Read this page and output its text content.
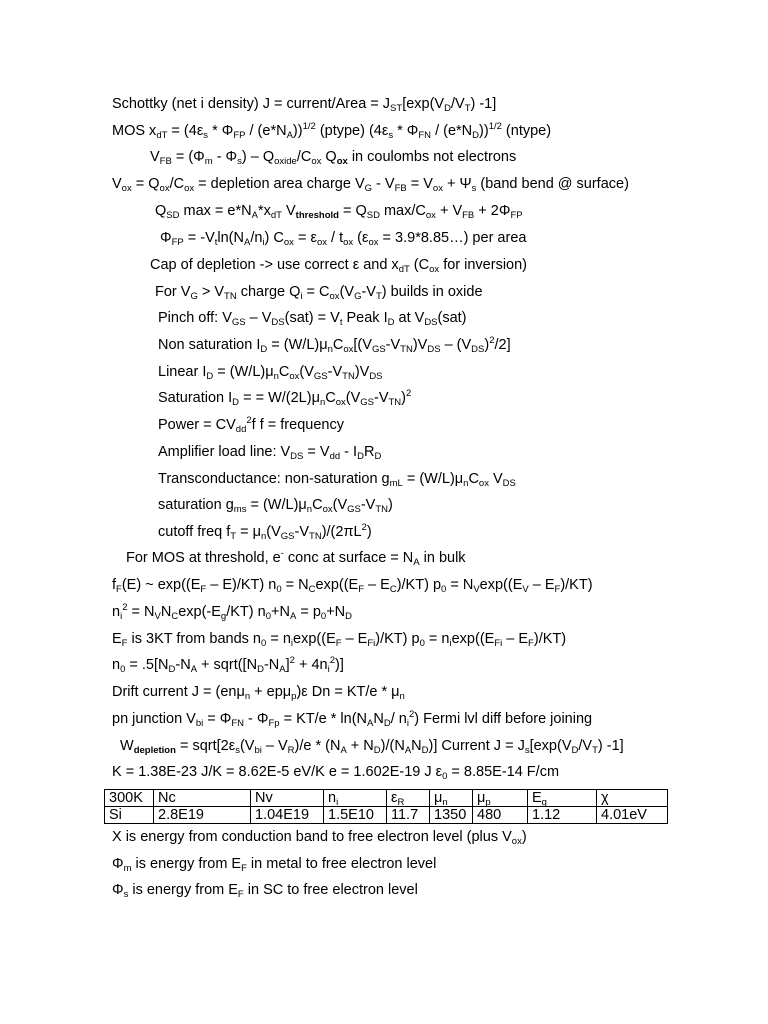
Schottky (net i density) J = current/Area = $J_{ST}[\exp(V_D/V_T)$ -1]
MOS $x_{dT} = (4\varepsilon_s * \Phi_{FP} / (e*N_A))^{1/2}$ (ptype) $(4\varepsilon_s * \Phi_{FN} / (e*N_D))^{1/2}$ (ntype)
$V_{FB} = (\Phi_m - \Phi_s) - Q_{oxide}/C_{ox}$ $Q_{ox}$ in coulombs not electrons
$V_{ox} = Q_{ox}/C_{ox}$ = depletion area charge $V_G - V_{FB} = V_{ox} + \Psi_s$ (band bend @ surface)
$Q_{SD}$ $\max = e*N_A*x_{dT}$ $V_{threshold} = Q_{SD}$ $\max/C_{ox} + V_{FB} + 2\Phi_{FP}$
$\Phi_{FP} = -V_t\ln(N_A/n_i) C_{ox} = \varepsilon_{ox} / t_{ox}$ ($\varepsilon_{ox}$ = 3.9*8.85…) per area
Cap of depletion -> use correct ε and $x_{dT}$ ($C_{ox}$ for inversion)
For $V_G > V_{TN}$ charge $Q_i = C_{ox}(V_G-V_T)$ builds in oxide
Pinch off: $V_{GS} - V_{DS}(sat) = V_t$ Peak $I_D$ at $V_{DS}(sat)$
Non saturation $I_D = (W/L)\mu_nC_{ox}[(V_{GS}-V_{TN})V_{DS} - (V_{DS})^2/2]$
Linear $I_D = (W/L)\mu_nC_{ox}(V_{GS}-V_{TN})V_{DS}$
Saturation $I_D$ = = $W/(2L)\mu_nC_{ox}(V_{GS}-V_{TN})^2$
Power = $CV_{dd}^2f$ f = frequency
Amplifier load line: $V_{DS} = V_{dd} - I_DR_D$
Transconductance: non-saturation $g_{mL} = (W/L)\mu_nC_{ox}$ $V_{DS}$
saturation $g_{ms} = (W/L)\mu_nC_{ox}(V_{GS}-V_{TN})$
cutoff freq $f_T = \mu_n(V_{GS}-V_{TN})/(2\pi L^2)$
For MOS at threshold, e- conc at surface = $N_A$ in bulk
$f_F(E)$ ~ $\exp((E_F - E)/KT) n_0 = N_C\exp((E_F - E_C)/KT) p_0 = N_V\exp((E_V - E_F)/KT)$
$n_i^2 = N_VN_C\exp(-E_g/KT) n_0+N_A = p_0+N_D$
$E_F$ is 3KT from bands $n_0 = n_i\exp((E_F - E_{Fi})/KT) p_0 = n_i\exp((E_{Fi} - E_F)/KT)$
$n_0 = .5[N_D-N_A$ + $sqrt([N_D-N_A]^2 + 4n_i^2)$]
Drift current J = (enμ$_n$ + epμ$_p$)ε $Dn = KT/e * \mu_n$
pn junction $V_{bi} = \Phi_{FN} - \Phi_{Fp} = KT/e * \ln(N_AN_D/$ $n_i^2$) Fermi lvl diff before joining
$W_{depletion}$ = $sqrt[2\varepsilon_s(V_{bi} - V_R)/e * (N_A + N_D)/(N_AN_D)]$ Current $J = J_s[\exp(V_D/V_T)$ -1]
K = 1.38E-23 J/K = 8.62E-5 eV/K e = 1.602E-19 J $\varepsilon_0 = 8.85E-14$ F/cm
300K	Nc	Nv	$n_i$	$\varepsilon_R$	$\mu_n$	$\mu_p$	$E_g$	χ
Si	2.8E19	1.04E19	1.5E10	11.7	1350	480	1.12	4.01eV
X is energy from conduction band to free electron level (plus $V_{ox}$)
$\Phi_m$ is energy from $E_F$ in metal to free electron level
$\Phi_s$ is energy from $E_F$ in SC to free electron level
